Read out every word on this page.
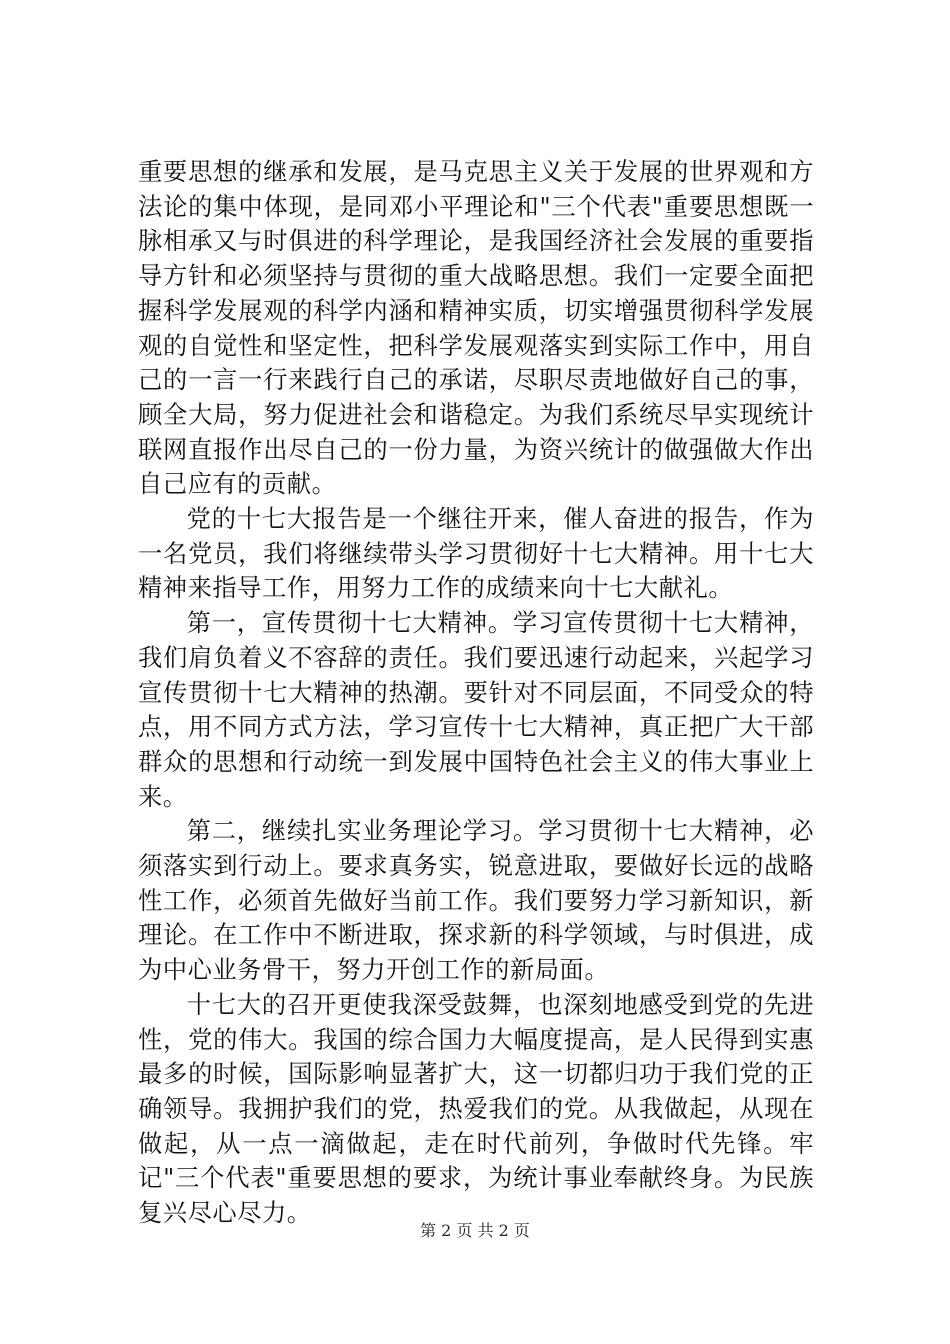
重要思想的继承和发展，是马克思主义关于发展的世界观和方法论的集中体现，是同邓小平理论和"三个代表"重要思想既一脉相承又与时俱进的科学理论，是我国经济社会发展的重要指导方针和必须坚持与贯彻的重大战略思想。我们一定要全面把握科学发展观的科学内涵和精神实质，切实增强贯彻科学发展观的自觉性和坚定性，把科学发展观落实到实际工作中，用自己的一言一行来践行自己的承诺，尽职尽责地做好自己的事，顾全大局，努力促进社会和谐稳定。为我们系统尽早实现统计联网直报作出尽自己的一份力量，为资兴统计的做强做大作出自己应有的贡献。

党的十七大报告是一个继往开来，催人奋进的报告，作为一名党员，我们将继续带头学习贯彻好十七大精神。用十七大精神来指导工作，用努力工作的成绩来向十七大献礼。

第一，宣传贯彻十七大精神。学习宣传贯彻十七大精神，我们肩负着义不容辞的责任。我们要迅速行动起来，兴起学习宣传贯彻十七大精神的热潮。要针对不同层面，不同受众的特点，用不同方式方法，学习宣传十七大精神，真正把广大干部群众的思想和行动统一到发展中国特色社会主义的伟大事业上来。

第二，继续扎实业务理论学习。学习贯彻十七大精神，必须落实到行动上。要求真务实，锐意进取，要做好长远的战略性工作，必须首先做好当前工作。我们要努力学习新知识，新理论。在工作中不断进取，探求新的科学领域，与时俱进，成为中心业务骨干，努力开创工作的新局面。

十七大的召开更使我深受鼓舞，也深刻地感受到党的先进性，党的伟大。我国的综合国力大幅度提高，是人民得到实惠最多的时候，国际影响显著扩大，这一切都归功于我们党的正确领导。我拥护我们的党，热爱我们的党。从我做起，从现在做起，从一点一滴做起，走在时代前列，争做时代先锋。牢记"三个代表"重要思想的要求，为统计事业奉献终身。为民族复兴尽心尽力。

第 2 页 共 2 页
